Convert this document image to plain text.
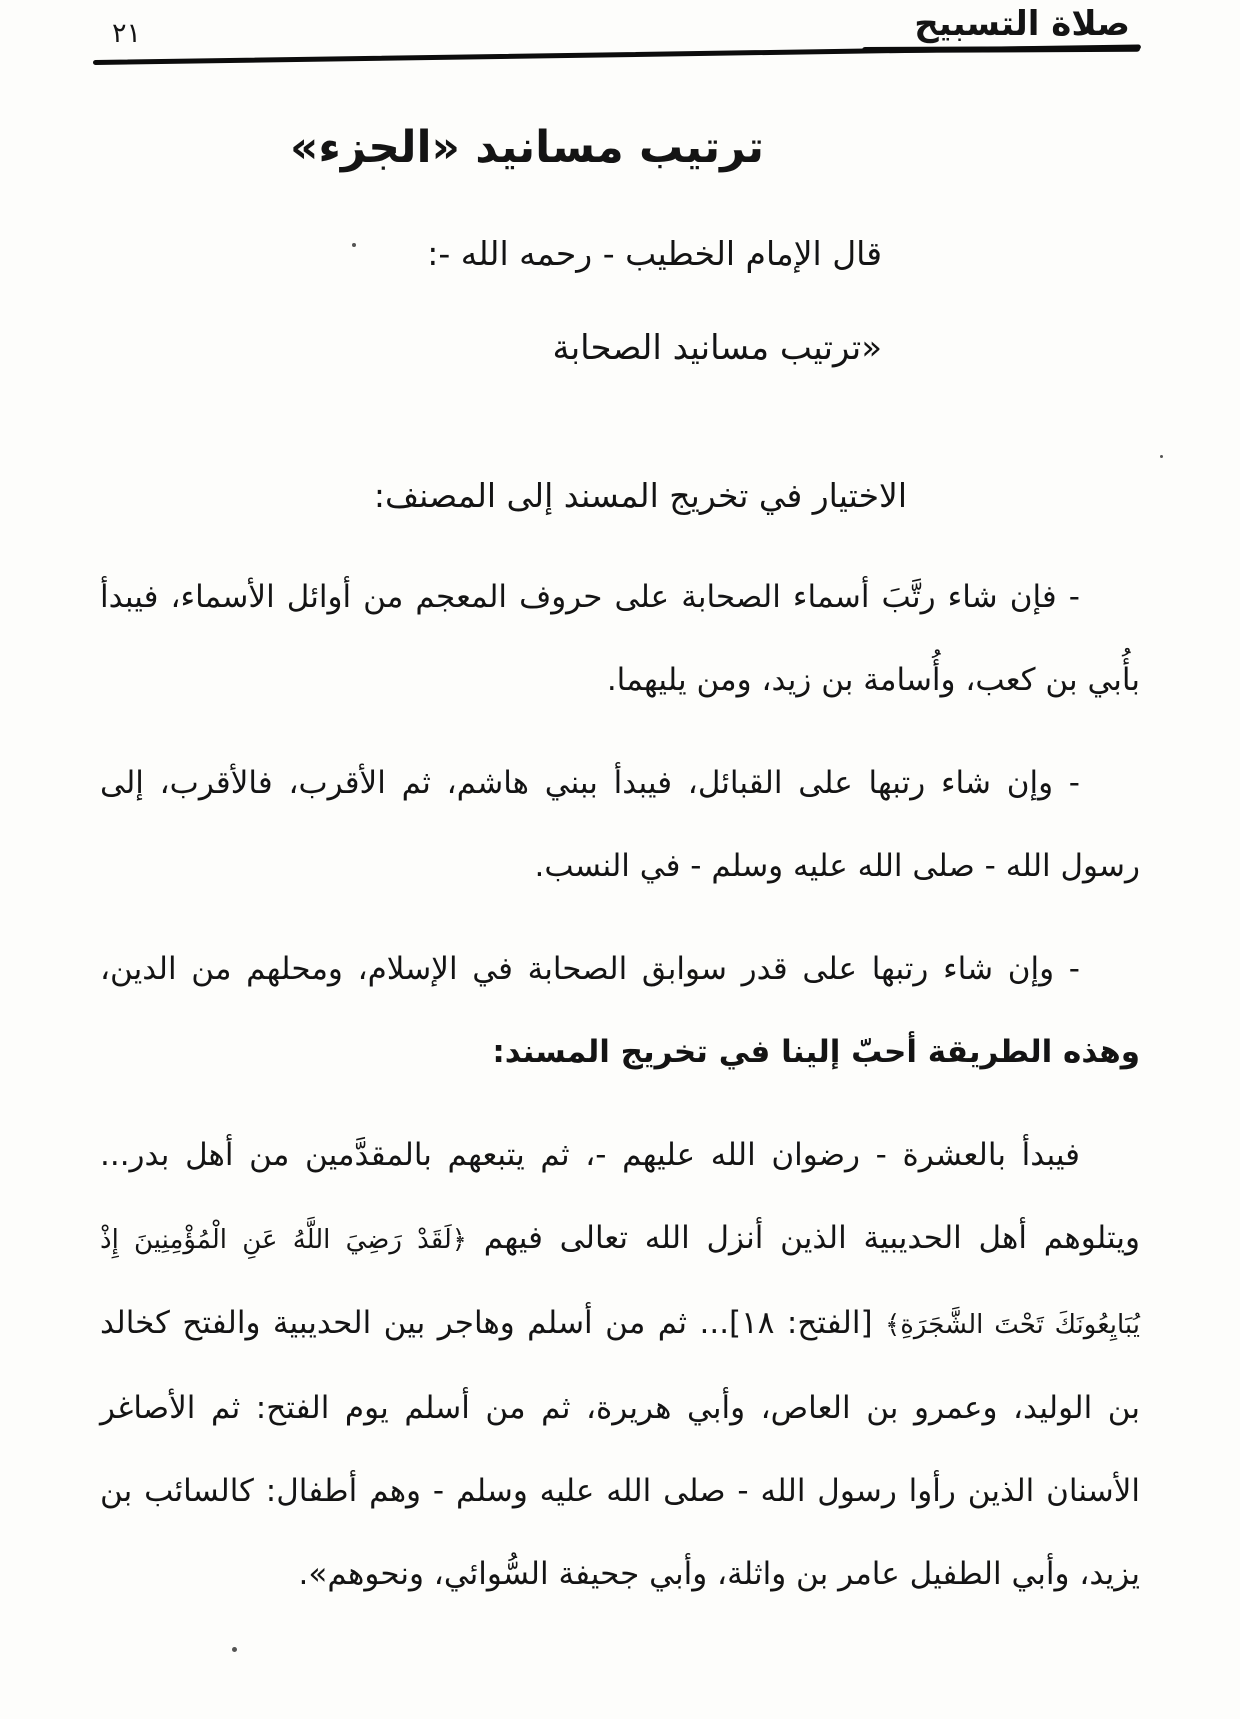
صلاة التسبيح
٢١
ترتيب مسانيد «الجزء»
قال الإمام الخطيب - رحمه الله -:
«ترتيب مسانيد الصحابة
الاختيار في تخريج المسند إلى المصنف:

- فإن شاء رتَّبَ أسماء الصحابة على حروف المعجم من أوائل الأسماء، فيبدأ بأُبي بن كعب، وأُسامة بن زيد، ومن يليهما.

- وإن شاء رتبها على القبائل، فيبدأ ببني هاشم، ثم الأقرب، فالأقرب، إلى رسول الله - صلى الله عليه وسلم - في النسب.

- وإن شاء رتبها على قدر سوابق الصحابة في الإسلام، ومحلهم من الدين، وهذه الطريقة أحبّ إلينا في تخريج المسند:

فيبدأ بالعشرة - رضوان الله عليهم -، ثم يتبعهم بالمقدَّمين من أهل بدر... ويتلوهم أهل الحديبية الذين أنزل الله تعالى فيهم ﴿لَقَدْ رَضِيَ اللَّهُ عَنِ الْمُؤْمِنِينَ إِذْ يُبَايِعُونَكَ تَحْتَ الشَّجَرَةِ﴾ [الفتح: ١٨]... ثم من أسلم وهاجر بين الحديبية والفتح كخالد بن الوليد، وعمرو بن العاص، وأبي هريرة، ثم من أسلم يوم الفتح: ثم الأصاغر الأسنان الذين رأوا رسول الله - صلى الله عليه وسلم - وهم أطفال: كالسائب بن يزيد، وأبي الطفيل عامر بن واثلة، وأبي جحيفة السُّوائي، ونحوهم».
